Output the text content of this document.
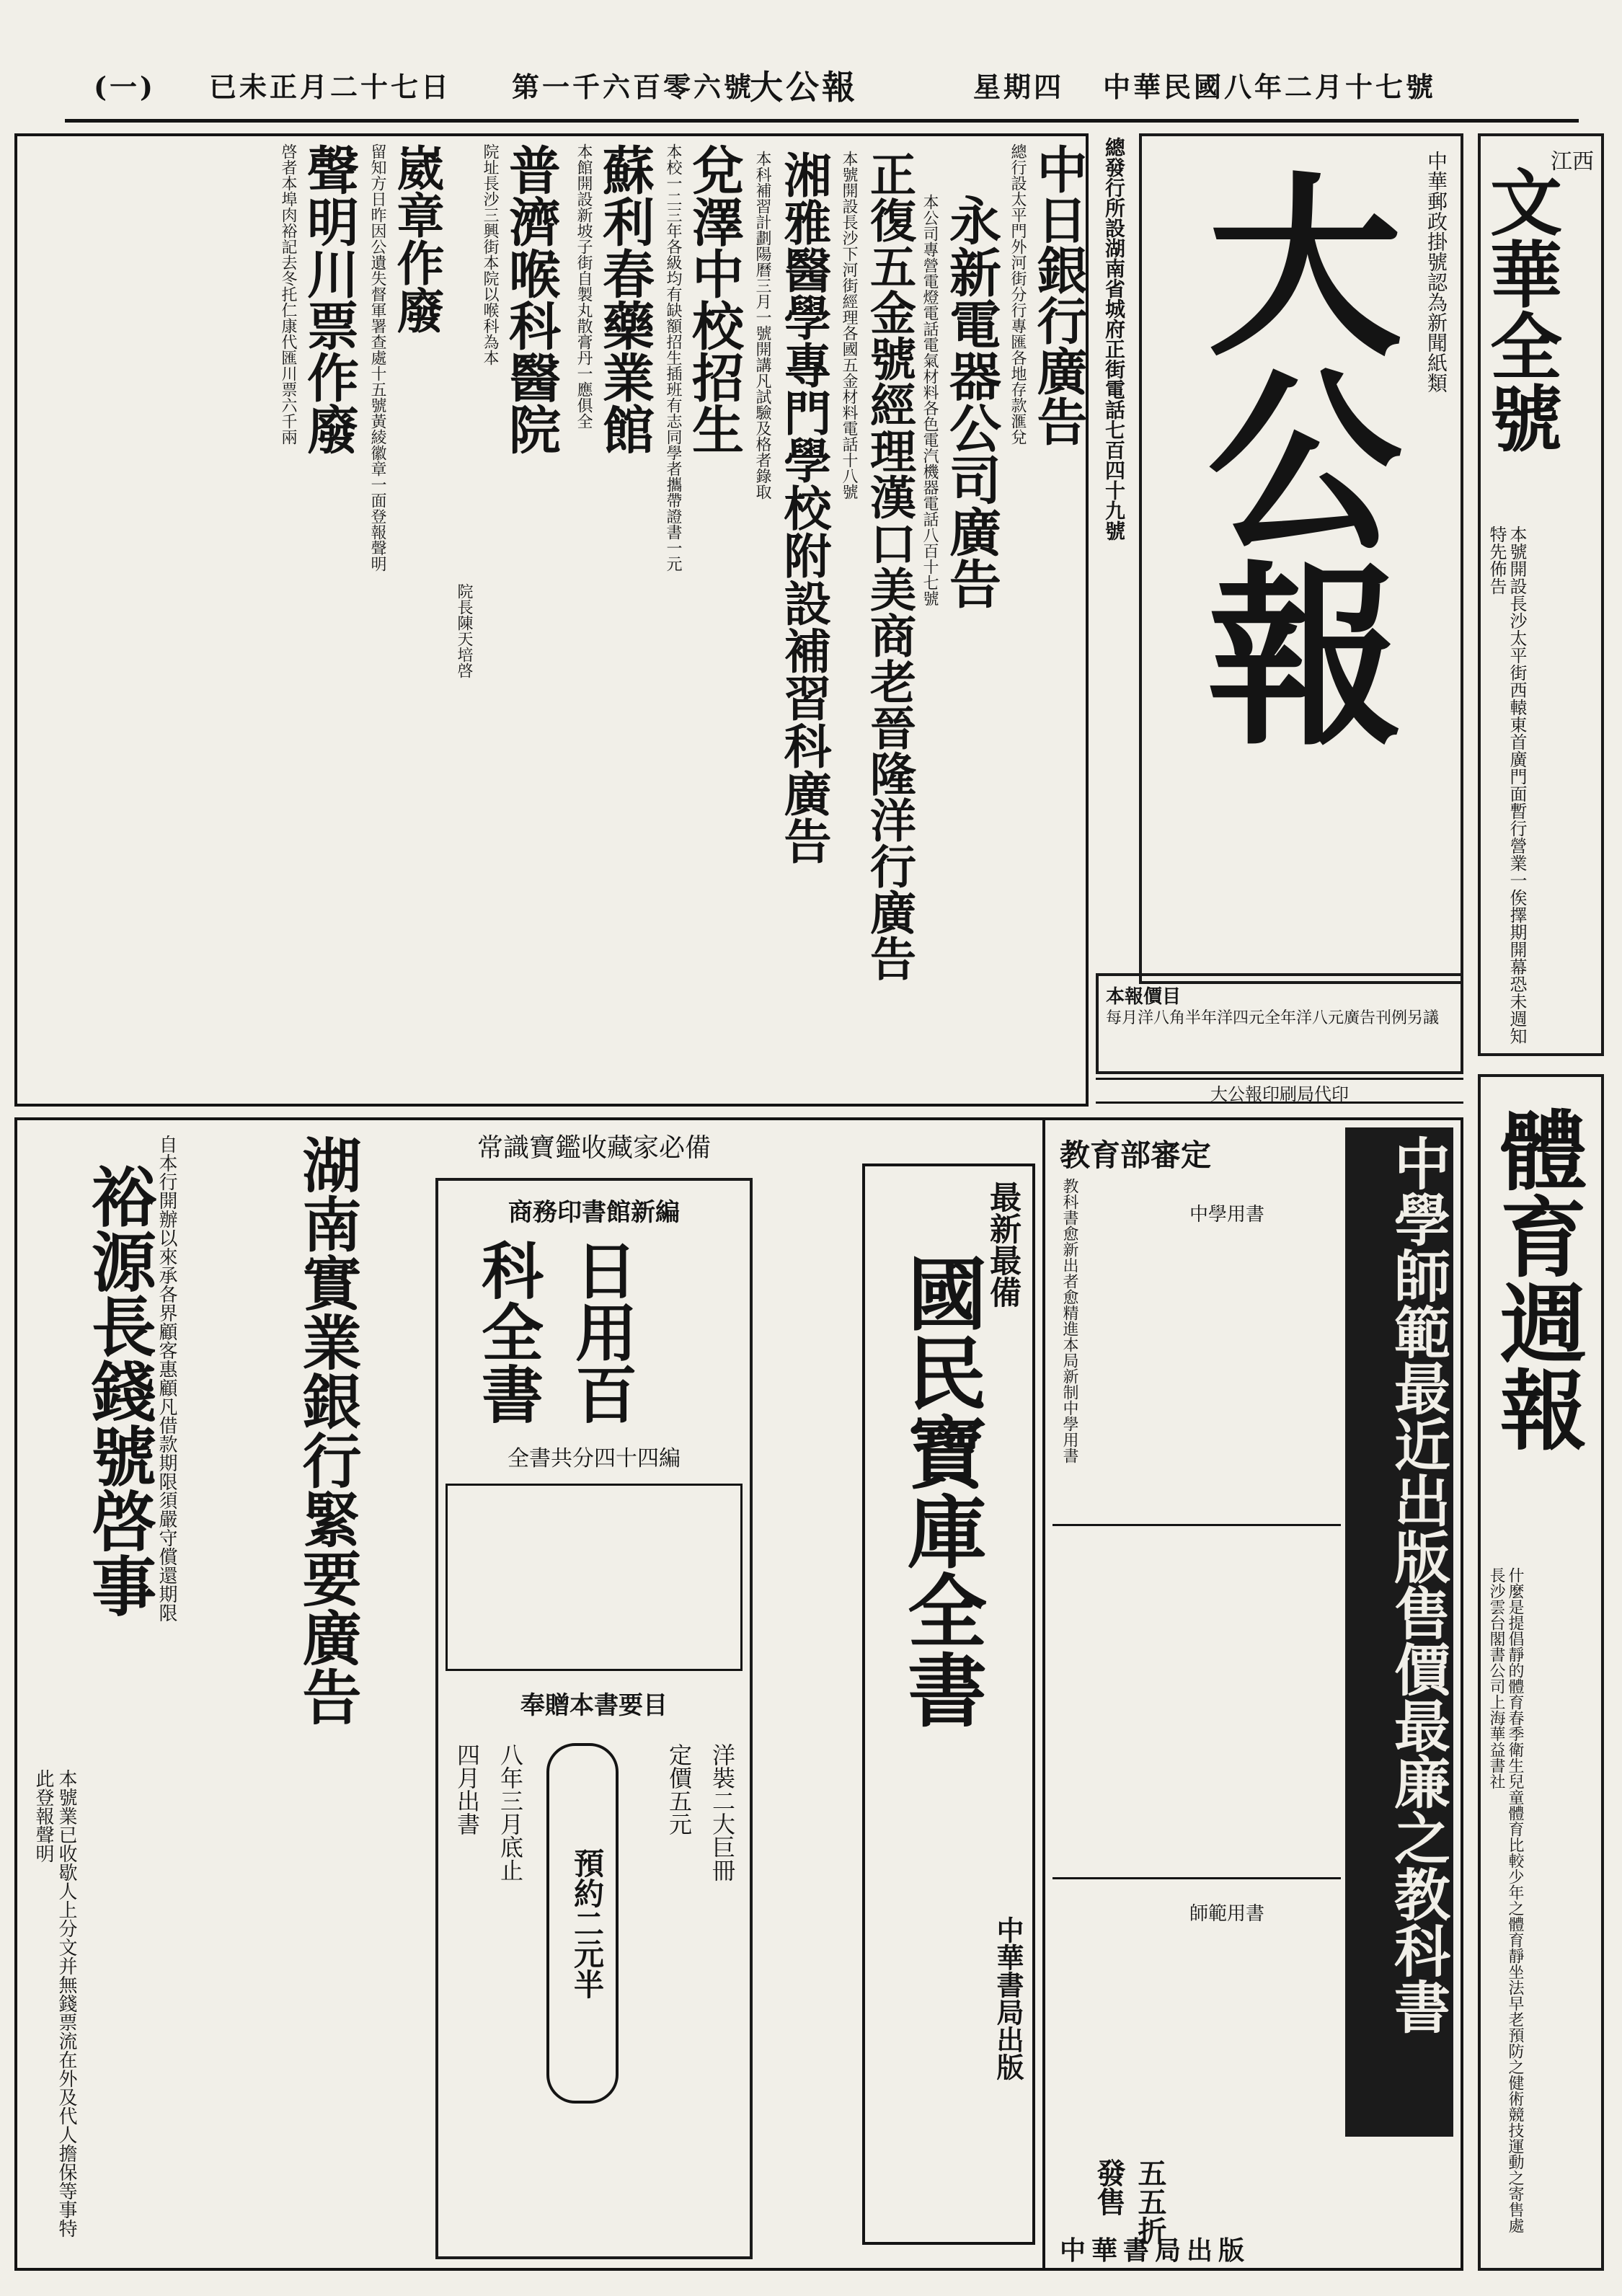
(一) 已未正月二十七日 第一千六百零六號
大公報	星期四 中華民國八年二月十七號
江西
文華全號
本號開設長沙太平街西轅東首廣門面暫行營業一俟擇期開幕恐未週知特先佈告
體育週報
什麼是提倡靜的體育春季衛生兒童體育比較少年之體育靜坐法早老預防之健術競技運動之寄售處長沙雲台閣書公司上海華益書社
中華郵政掛號認為新聞紙類
大公報
總發行所設湖南省城府正街電話七百四十九號
本報價目
每月洋八角半年洋四元全年洋八元廣告刊例另議
大公報印刷局代印
中日銀行廣告
總行設太平門外河街分行專匯各地存款滙兌
永新電器公司廣告
本公司專營電燈電話電氣材料各色電汽機器電話八百十七號
正復五金號經理漢口美商老晉隆洋行廣告
本號開設長沙下河街經理各國五金材料電話十八號
湘雅醫學專門學校附設補習科廣告
本科補習計劃陽曆三月一號開講凡試驗及格者錄取
兌澤中校招生
本校一二三年各級均有缺額招生插班有志同學者攜帶證書一元
蘇利春藥業館
本館開設新坡子街自製丸散膏丹一應俱全
普濟喉科醫院
院址長沙三興街本院以喉科為本
院長陳天培啓
崴章作廢
留知方日昨因公遺失督軍署查處十五號黃綾徽章一面登報聲明
聲明川票作廢
啓者本埠肉裕記去冬托仁康代匯川票六千兩
教育部審定	中學師範最近出版售價最廉之教科書
教科書愈新出者愈精進本局新制中學用書	中學用書
師範用書
五五折發售
中華書局出版
最新最備
國民寶庫全書
中華書局出版
常識寶鑑收藏家必備
商務印書館新編
日用百科全書
全書共分四十四編
奉贈本書要目
洋裝二大巨冊
定價五元
預約二元半
八年三月底止
四月出書
湖南實業銀行緊要廣告
自本行開辦以來承各界顧客惠顧凡借款期限須嚴守償還期限
裕源長錢號啓事
本號業已收歇人上分文并無錢票流在外及代人擔保等事特此登報聲明
